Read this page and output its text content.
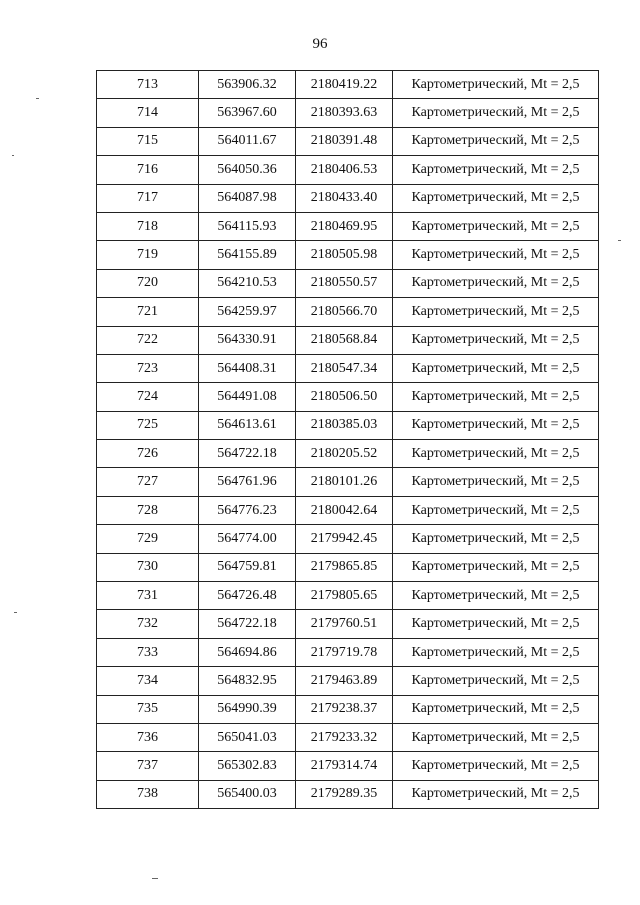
96
713	563906.32	2180419.22	Картометрический, Mt = 2,5
714	563967.60	2180393.63	Картометрический, Mt = 2,5
715	564011.67	2180391.48	Картометрический, Mt = 2,5
716	564050.36	2180406.53	Картометрический, Mt = 2,5
717	564087.98	2180433.40	Картометрический, Mt = 2,5
718	564115.93	2180469.95	Картометрический, Mt = 2,5
719	564155.89	2180505.98	Картометрический, Mt = 2,5
720	564210.53	2180550.57	Картометрический, Mt = 2,5
721	564259.97	2180566.70	Картометрический, Mt = 2,5
722	564330.91	2180568.84	Картометрический, Mt = 2,5
723	564408.31	2180547.34	Картометрический, Mt = 2,5
724	564491.08	2180506.50	Картометрический, Mt = 2,5
725	564613.61	2180385.03	Картометрический, Mt = 2,5
726	564722.18	2180205.52	Картометрический, Mt = 2,5
727	564761.96	2180101.26	Картометрический, Mt = 2,5
728	564776.23	2180042.64	Картометрический, Mt = 2,5
729	564774.00	2179942.45	Картометрический, Mt = 2,5
730	564759.81	2179865.85	Картометрический, Mt = 2,5
731	564726.48	2179805.65	Картометрический, Mt = 2,5
732	564722.18	2179760.51	Картометрический, Mt = 2,5
733	564694.86	2179719.78	Картометрический, Mt = 2,5
734	564832.95	2179463.89	Картометрический, Mt = 2,5
735	564990.39	2179238.37	Картометрический, Mt = 2,5
736	565041.03	2179233.32	Картометрический, Mt = 2,5
737	565302.83	2179314.74	Картометрический, Mt = 2,5
738	565400.03	2179289.35	Картометрический, Mt = 2,5
